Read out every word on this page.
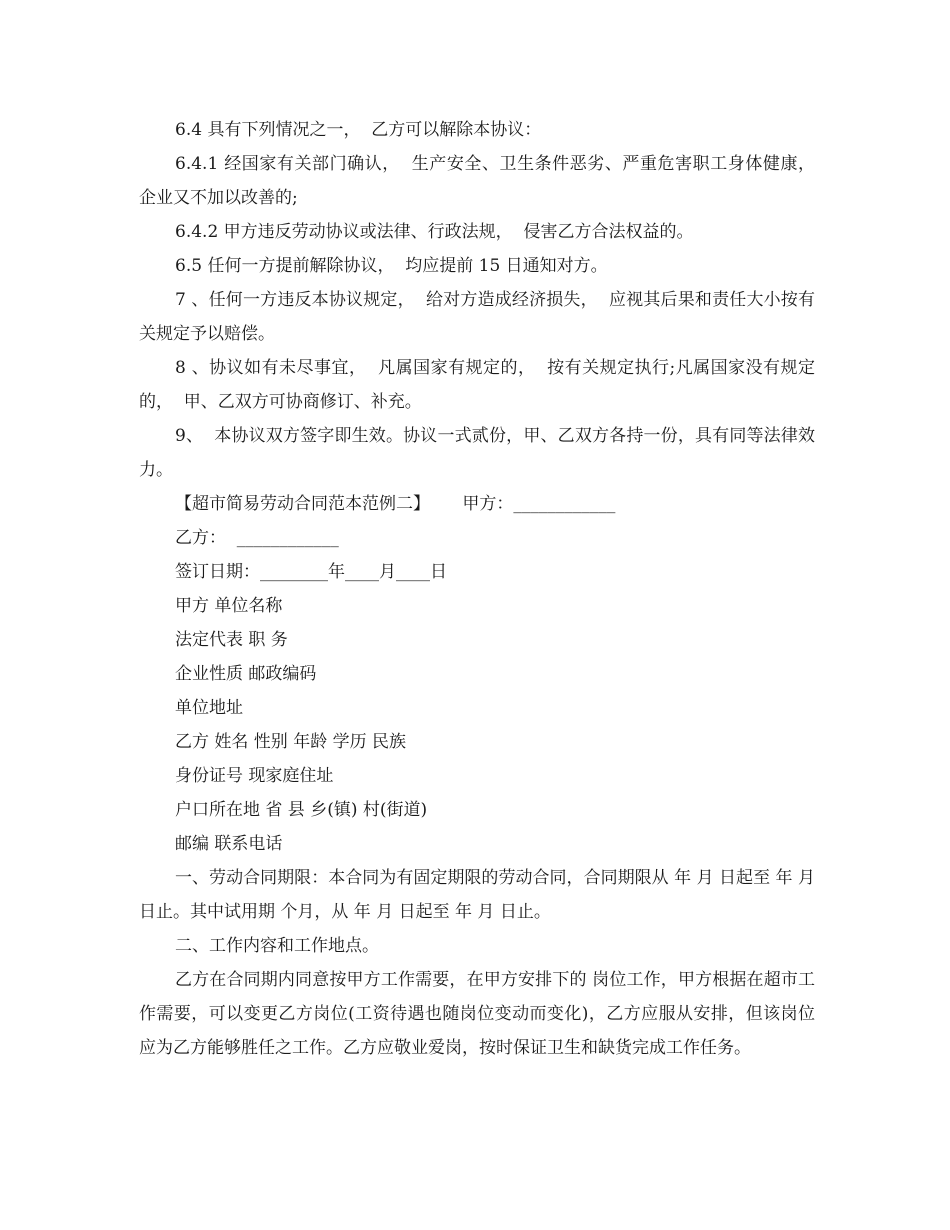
6.4 具有下列情况之一，  乙方可以解除本协议：

6.4.1 经国家有关部门确认，  生产安全、卫生条件恶劣、严重危害职工身体健康，  企业又不加以改善的;

6.4.2 甲方违反劳动协议或法律、行政法规，  侵害乙方合法权益的。

6.5 任何一方提前解除协议，  均应提前 15 日通知对方。

7 、任何一方违反本协议规定，  给对方造成经济损失，  应视其后果和责任大小按有关规定予以赔偿。

8 、协议如有未尽事宜，  凡属国家有规定的，  按有关规定执行;凡属国家没有规定的，  甲、乙双方可协商修订、补充。

9、  本协议双方签字即生效。协议一式贰份，甲、乙双方各持一份，具有同等法律效力。

【超市简易劳动合同范本范例二】      甲方：____________

乙方：  ____________

签订日期：________年____月____日

甲方 单位名称

法定代表 职 务

企业性质 邮政编码

单位地址

乙方 姓名 性别 年龄 学历 民族

身份证号 现家庭住址

户口所在地 省 县 乡(镇) 村(街道)

邮编 联系电话

一、劳动合同期限：本合同为有固定期限的劳动合同，合同期限从 年 月 日起至 年 月 日止。其中试用期 个月，从 年 月 日起至 年 月 日止。

二、工作内容和工作地点。

乙方在合同期内同意按甲方工作需要，在甲方安排下的 岗位工作，甲方根据在超市工作需要，可以变更乙方岗位(工资待遇也随岗位变动而变化)，乙方应服从安排，但该岗位应为乙方能够胜任之工作。乙方应敬业爱岗，按时保证卫生和缺货完成工作任务。
